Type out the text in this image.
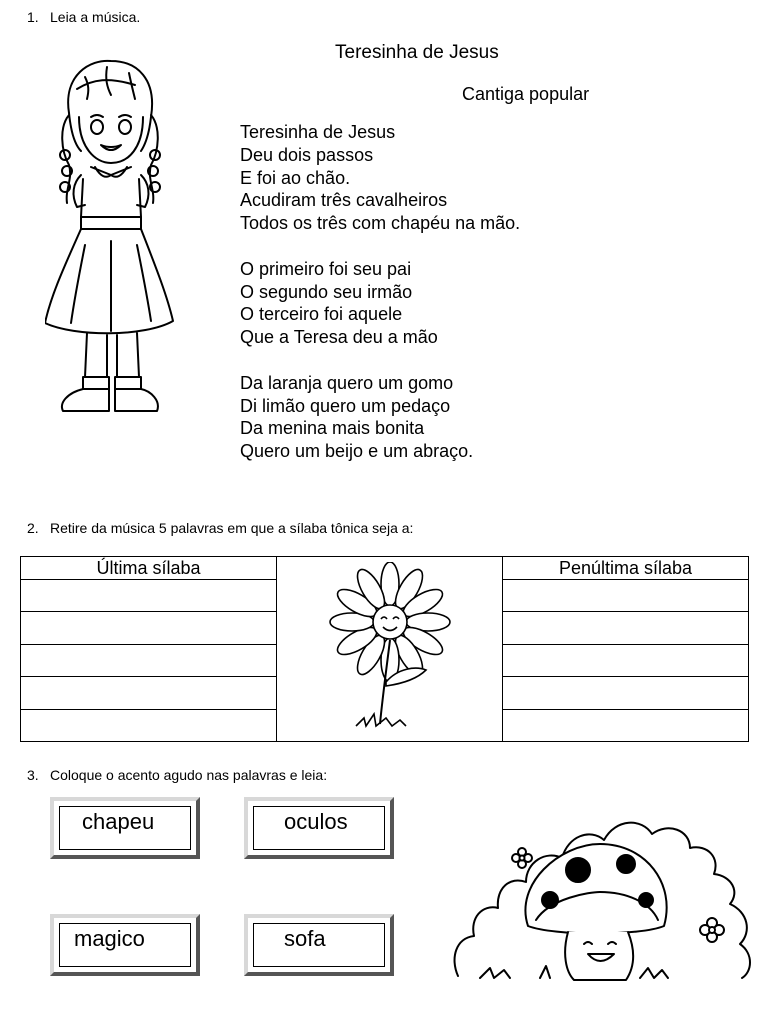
1. Leia a música.
Teresinha de Jesus
Cantiga popular
Teresinha de Jesus
Deu dois passos
E foi ao chão.
Acudiram três cavalheiros
Todos os três com chapéu na mão.
O primeiro foi seu pai
O segundo seu irmão
O terceiro foi aquele
Que a Teresa deu a mão
Da laranja quero um gomo
Di limão quero um pedaço
Da menina mais bonita
Quero um beijo e um abraço.
2. Retire da música 5 palavras em que a sílaba tônica seja a:
Última sílaba		Penúltima sílaba

3. Coloque o acento agudo nas palavras e leia:
chapeu	oculos
magico	sofa
